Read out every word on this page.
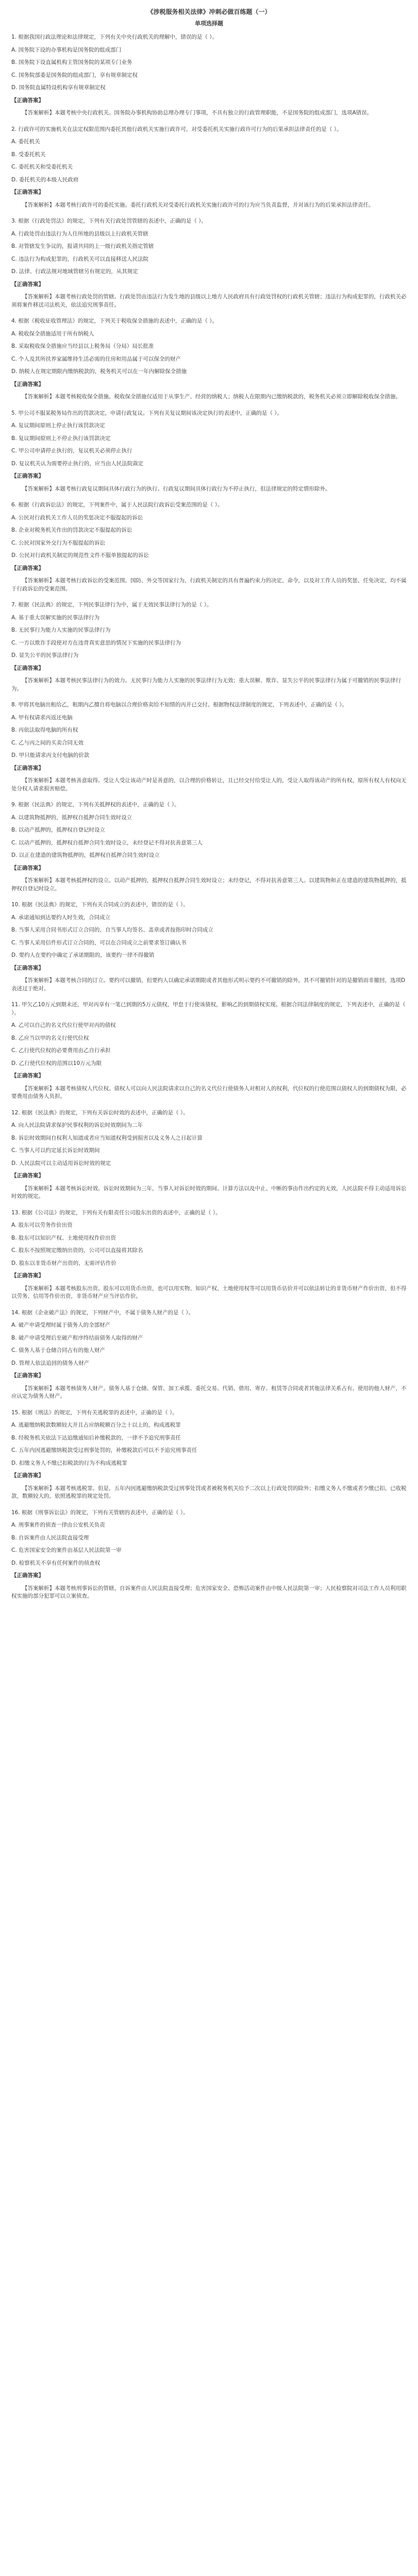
《涉税服务相关法律》冲刺必做百练题（一）
单项选择题
1. 根据我国行政法理论和法律规定，下列有关中央行政机关的理解中，错误的是（ ）。
A. 国务院下设的办事机构是国务院的组成部门
B. 国务院下设直属机构主管国务院的某项专门业务
C. 国务院部委是国务院的组成部门，享有规章制定权
D. 国务院直属特设机构享有规章制定权
【正确答案】
【答案解析】本题考核中央行政机关。国务院办事机构协助总理办理专门事项，不具有独立的行政管理职能，不是国务院的组成部门，选项A错误。
2. 行政许可的实施机关在法定权限范围内委托其他行政机关实施行政许可，对受委托机关实施行政许可行为的后果承担法律责任的是（ ）。
A. 委托机关
B. 受委托机关
C. 委托机关和受委托机关
D. 委托机关的本级人民政府
【正确答案】
【答案解析】本题考核行政许可的委托实施。委托行政机关对受委托行政机关实施行政许可的行为应当负责监督，并对该行为的后果承担法律责任。
3. 根据《行政处罚法》的规定，下列有关行政处罚管辖的表述中，正确的是（ ）。
A. 行政处罚由违法行为人住所地的县级以上行政机关管辖
B. 对管辖发生争议的，报请共同的上一级行政机关指定管辖
C. 违法行为构成犯罪的，行政机关可以直接移送人民法院
D. 法律、行政法规对地域管辖另有规定的，从其规定
【正确答案】
【答案解析】本题考核行政处罚的管辖。行政处罚由违法行为发生地的县级以上地方人民政府具有行政处罚权的行政机关管辖；违法行为构成犯罪的，行政机关必须将案件移送司法机关，依法追究刑事责任。
4. 根据《税收征收管理法》的规定，下列关于税收保全措施的表述中，正确的是（ ）。
A. 税收保全措施适用于所有纳税人
B. 采取税收保全措施应当经县以上税务局（分局）局长批准
C. 个人及其所扶养家属维持生活必需的住房和用品属于可以保全的财产
D. 纳税人在规定期限内缴纳税款的，税务机关可以在一年内解除保全措施
【正确答案】
【答案解析】本题考核税收保全措施。税收保全措施仅适用于从事生产、经营的纳税人；纳税人在限期内已缴纳税款的，税务机关必须立即解除税收保全措施。
5. 甲公司不服某税务局作出的罚款决定，申请行政复议。下列有关复议期间该决定执行的表述中，正确的是（ ）。
A. 复议期间原则上停止执行该罚款决定
B. 复议期间原则上不停止执行该罚款决定
C. 甲公司申请停止执行的，复议机关必须停止执行
D. 复议机关认为需要停止执行的，应当由人民法院裁定
【正确答案】
【答案解析】本题考核行政复议期间具体行政行为的执行。行政复议期间具体行政行为不停止执行，但法律规定的特定情形除外。
6. 根据《行政诉讼法》的规定，下列案件中，属于人民法院行政诉讼受案范围的是（ ）。
A. 公民对行政机关工作人员的奖惩决定不服提起的诉讼
B. 企业对税务机关作出的罚款决定不服提起的诉讼
C. 公民对国家外交行为不服提起的诉讼
D. 公民对行政机关制定的规范性文件不服单独提起的诉讼
【正确答案】
【答案解析】本题考核行政诉讼的受案范围。国防、外交等国家行为，行政机关制定的具有普遍约束力的决定、命令，以及对工作人员的奖惩、任免决定，均不属于行政诉讼的受案范围。
7. 根据《民法典》的规定，下列民事法律行为中，属于无效民事法律行为的是（ ）。
A. 基于重大误解实施的民事法律行为
B. 无民事行为能力人实施的民事法律行为
C. 一方以欺诈手段使对方在违背真实意思的情况下实施的民事法律行为
D. 显失公平的民事法律行为
【正确答案】
【答案解析】本题考核民事法律行为的效力。无民事行为能力人实施的民事法律行为无效；重大误解、欺诈、显失公平的民事法律行为属于可撤销的民事法律行为。
8. 甲将其电脑出租给乙，租期内乙擅自将电脑以合理价格卖给不知情的丙并已交付。根据物权法律制度的规定，下列表述中，正确的是（ ）。
A. 甲有权请求丙返还电脑
B. 丙依法取得电脑的所有权
C. 乙与丙之间的买卖合同无效
D. 甲只能请求丙支付电脑的价款
【正确答案】
【答案解析】本题考核善意取得。受让人受让该动产时是善意的，以合理的价格转让，且已经交付给受让人的，受让人取得该动产的所有权，原所有权人有权向无处分权人请求损害赔偿。
9. 根据《民法典》的规定，下列有关抵押权的表述中，正确的是（ ）。
A. 以建筑物抵押的，抵押权自抵押合同生效时设立
B. 以动产抵押的，抵押权自登记时设立
C. 以动产抵押的，抵押权自抵押合同生效时设立，未经登记不得对抗善意第三人
D. 以正在建造的建筑物抵押的，抵押权自抵押合同生效时设立
【正确答案】
【答案解析】本题考核抵押权的设立。以动产抵押的，抵押权自抵押合同生效时设立；未经登记，不得对抗善意第三人。以建筑物和正在建造的建筑物抵押的，抵押权自登记时设立。
10. 根据《民法典》的规定，下列有关合同成立的表述中，错误的是（ ）。
A. 承诺通知到达要约人时生效，合同成立
B. 当事人采用合同书形式订立合同的，自当事人均签名、盖章或者按指印时合同成立
C. 当事人采用信件形式订立合同的，可以在合同成立之前要求签订确认书
D. 要约人在要约中确定了承诺期限的，该要约一律不得撤销
【正确答案】
【答案解析】本题考核合同的订立。要约可以撤销，但要约人以确定承诺期限或者其他形式明示要约不可撤销的除外，其不可撤销针对的是撤销而非撤回，选项D表述过于绝对。
11. 甲欠乙10万元到期未还，甲对丙享有一笔已到期的5万元债权，甲怠于行使该债权，影响乙的到期债权实现。根据合同法律制度的规定，下列表述中，正确的是（ ）。
A. 乙可以自己的名义代位行使甲对丙的债权
B. 乙应当以甲的名义行使代位权
C. 乙行使代位权的必要费用由乙自行承担
D. 乙行使代位权的范围以10万元为限
【正确答案】
【答案解析】本题考核债权人代位权。债权人可以向人民法院请求以自己的名义代位行使债务人对相对人的权利，代位权的行使范围以债权人的到期债权为限，必要费用由债务人负担。
12. 根据《民法典》的规定，下列有关诉讼时效的表述中，正确的是（ ）。
A. 向人民法院请求保护民事权利的诉讼时效期间为二年
B. 诉讼时效期间自权利人知道或者应当知道权利受到损害以及义务人之日起计算
C. 当事人可以约定延长诉讼时效期间
D. 人民法院可以主动适用诉讼时效的规定
【正确答案】
【答案解析】本题考核诉讼时效。诉讼时效期间为三年，当事人对诉讼时效的期间、计算方法以及中止、中断的事由作出约定的无效，人民法院不得主动适用诉讼时效的规定。
13. 根据《公司法》的规定，下列有关有限责任公司股东出资的表述中，正确的是（ ）。
A. 股东可以劳务作价出资
B. 股东可以知识产权、土地使用权作价出资
C. 股东不按照规定缴纳出资的，公司可以直接将其除名
D. 股东以非货币财产出资的，无需评估作价
【正确答案】
【答案解析】本题考核股东出资。股东可以用货币出资，也可以用实物、知识产权、土地使用权等可以用货币估价并可以依法转让的非货币财产作价出资，但不得以劳务、信用等作价出资，非货币财产应当评估作价。
14. 根据《企业破产法》的规定，下列财产中，不属于债务人财产的是（ ）。
A. 破产申请受理时属于债务人的全部财产
B. 破产申请受理后至破产程序终结前债务人取得的财产
C. 债务人基于仓储合同占有的他人财产
D. 管理人依法追回的债务人财产
【正确答案】
【答案解析】本题考核债务人财产。债务人基于仓储、保管、加工承揽、委托交易、代销、借用、寄存、租赁等合同或者其他法律关系占有、使用的他人财产，不应认定为债务人财产。
15. 根据《刑法》的规定，下列有关逃税罪的表述中，正确的是（ ）。
A. 逃避缴纳税款数额较大并且占应纳税额百分之十以上的，构成逃税罪
B. 经税务机关依法下达追缴通知后补缴税款的，一律不予追究刑事责任
C. 五年内因逃避缴纳税款受过刑事处罚的，补缴税款后可以不予追究刑事责任
D. 扣缴义务人不缴已扣税款的行为不构成逃税罪
【正确答案】
【答案解析】本题考核逃税罪。但是，五年内因逃避缴纳税款受过刑事处罚或者被税务机关给予二次以上行政处罚的除外；扣缴义务人不缴或者少缴已扣、已收税款，数额较大的，依照逃税罪的规定处罚。
16. 根据《刑事诉讼法》的规定，下列有关管辖的表述中，正确的是（ ）。
A. 刑事案件的侦查一律由公安机关负责
B. 自诉案件由人民法院直接受理
C. 危害国家安全的案件由基层人民法院第一审
D. 检察机关不享有任何案件的侦查权
【正确答案】
【答案解析】本题考核刑事诉讼的管辖。自诉案件由人民法院直接受理；危害国家安全、恐怖活动案件由中级人民法院第一审；人民检察院对司法工作人员利用职权实施的部分犯罪可以立案侦查。
